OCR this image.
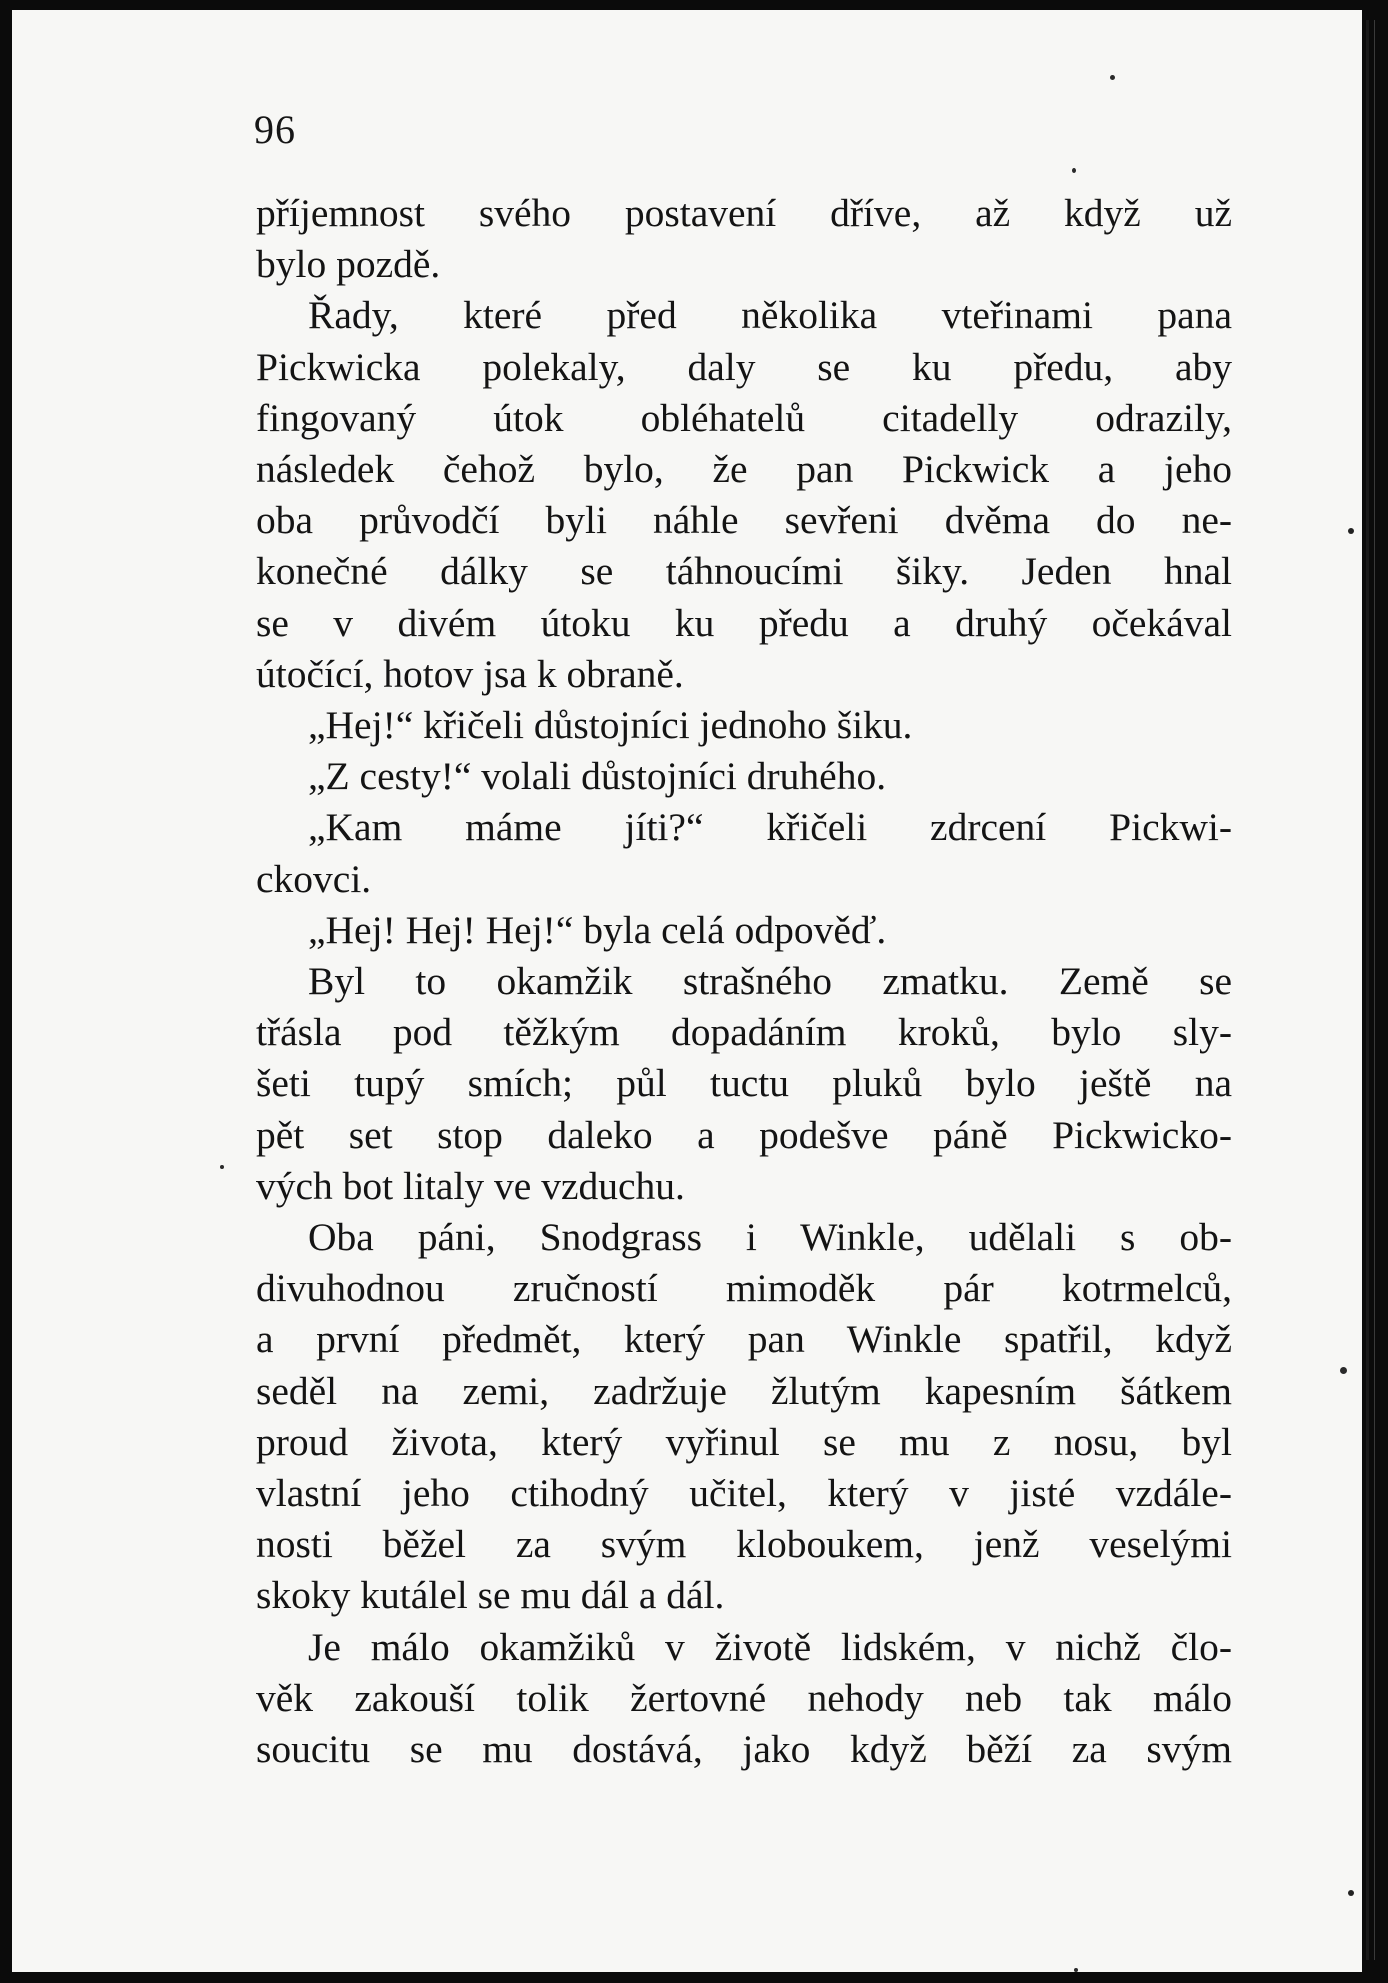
96
příjemnost svého postavení dříve, až když už
bylo pozdě.
Řady, které před několika vteřinami pana
Pickwicka polekaly, daly se ku předu, aby
fingovaný útok obléhatelů citadelly odrazily,
následek čehož bylo, že pan Pickwick a jeho
oba průvodčí byli náhle sevřeni dvěma do ne-
konečné dálky se táhnoucími šiky. Jeden hnal
se v divém útoku ku předu a druhý očekával
útočící, hotov jsa k obraně.
„Hej!“ křičeli důstojníci jednoho šiku.
„Z cesty!“ volali důstojníci druhého.
„Kam máme jíti?“ křičeli zdrcení Pickwi-
ckovci.
„Hej! Hej! Hej!“ byla celá odpověď.
Byl to okamžik strašného zmatku. Země se
třásla pod těžkým dopadáním kroků, bylo sly-
šeti tupý smích; půl tuctu pluků bylo ještě na
pět set stop daleko a podešve páně Pickwicko-
vých bot litaly ve vzduchu.
Oba páni, Snodgrass i Winkle, udělali s ob-
divuhodnou zručností mimoděk pár kotrmelců,
a první předmět, který pan Winkle spatřil, když
seděl na zemi, zadržuje žlutým kapesním šátkem
proud života, který vyřinul se mu z nosu, byl
vlastní jeho ctihodný učitel, který v jisté vzdále-
nosti běžel za svým kloboukem, jenž veselými
skoky kutálel se mu dál a dál.
Je málo okamžiků v životě lidském, v nichž člo-
věk zakouší tolik žertovné nehody neb tak málo
soucitu se mu dostává, jako když běží za svým
